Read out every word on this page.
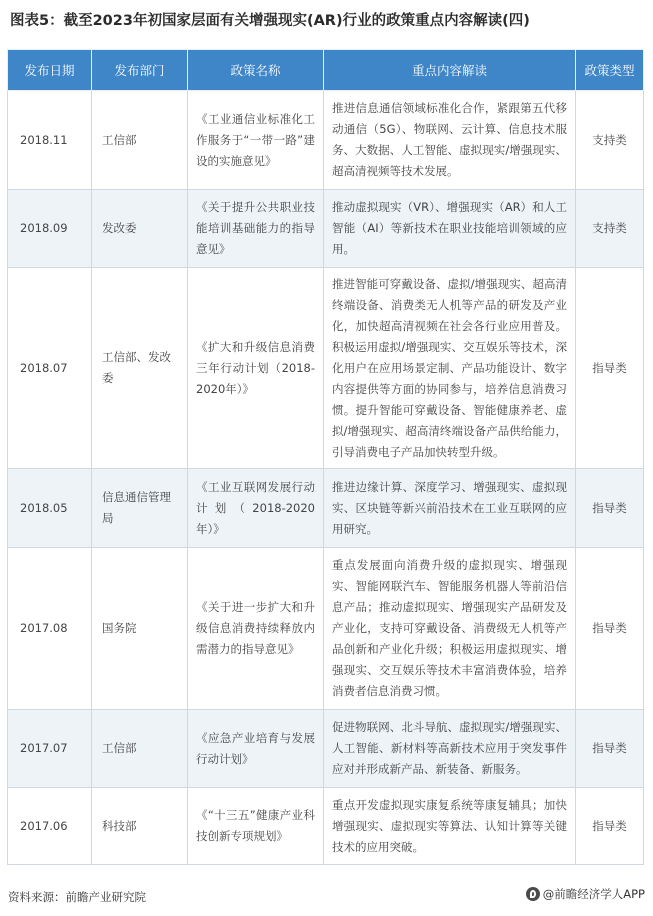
图表5：截至2023年初国家层面有关增强现实(AR)行业的政策重点内容解读(四)
发布日期	发布部门	政策名称	重点内容解读	政策类型
2018.11	工信部	《工业通信业标准化工作服务于“一带一路”建设的实施意见》	推进信息通信领域标准化合作，紧跟第五代移动通信（5G）、物联网、云计算、信息技术服务、大数据、人工智能、虚拟现实/增强现实、超高清视频等技术发展。	支持类
2018.09	发改委	《关于提升公共职业技能培训基础能力的指导意见》	推动虚拟现实（VR）、增强现实（AR）和人工智能（AI）等新技术在职业技能培训领域的应用。	支持类
2018.07	工信部、发改委	《扩大和升级信息消费三年行动计划（2018-2020年）》	推进智能可穿戴设备、虚拟/增强现实、超高清终端设备、消费类无人机等产品的研发及产业化，加快超高清视频在社会各行业应用普及。积极运用虚拟/增强现实、交互娱乐等技术，深化用户在应用场景定制、产品功能设计、数字内容提供等方面的协同参与，培养信息消费习惯。提升智能可穿戴设备、智能健康养老、虚拟/增强现实、超高清终端设备产品供给能力，引导消费电子产品加快转型升级。	指导类
2018.05	信息通信管理局	《工业互联网发展行动计划（2018-2020年）》	推进边缘计算、深度学习、增强现实、虚拟现实、区块链等新兴前沿技术在工业互联网的应用研究。	指导类
2017.08	国务院	《关于进一步扩大和升级信息消费持续释放内需潜力的指导意见》	重点发展面向消费升级的虚拟现实、增强现实、智能网联汽车、智能服务机器人等前沿信息产品；推动虚拟现实、增强现实产品研发及产业化，支持可穿戴设备、消费级无人机等产品创新和产业化升级；积极运用虚拟现实、增强现实、交互娱乐等技术丰富消费体验，培养消费者信息消费习惯。	指导类
2017.07	工信部	《应急产业培育与发展行动计划》	促进物联网、北斗导航、虚拟现实/增强现实、人工智能、新材料等高新技术应用于突发事件应对并形成新产品、新装备、新服务。	指导类
2017.06	科技部	《“十三五”健康产业科技创新专项规划》	重点开发虚拟现实康复系统等康复辅具；加快增强现实、虚拟现实等算法、认知计算等关键技术的应用突破。	指导类
资料来源：前瞻产业研究院	@前瞻经济学人APP
